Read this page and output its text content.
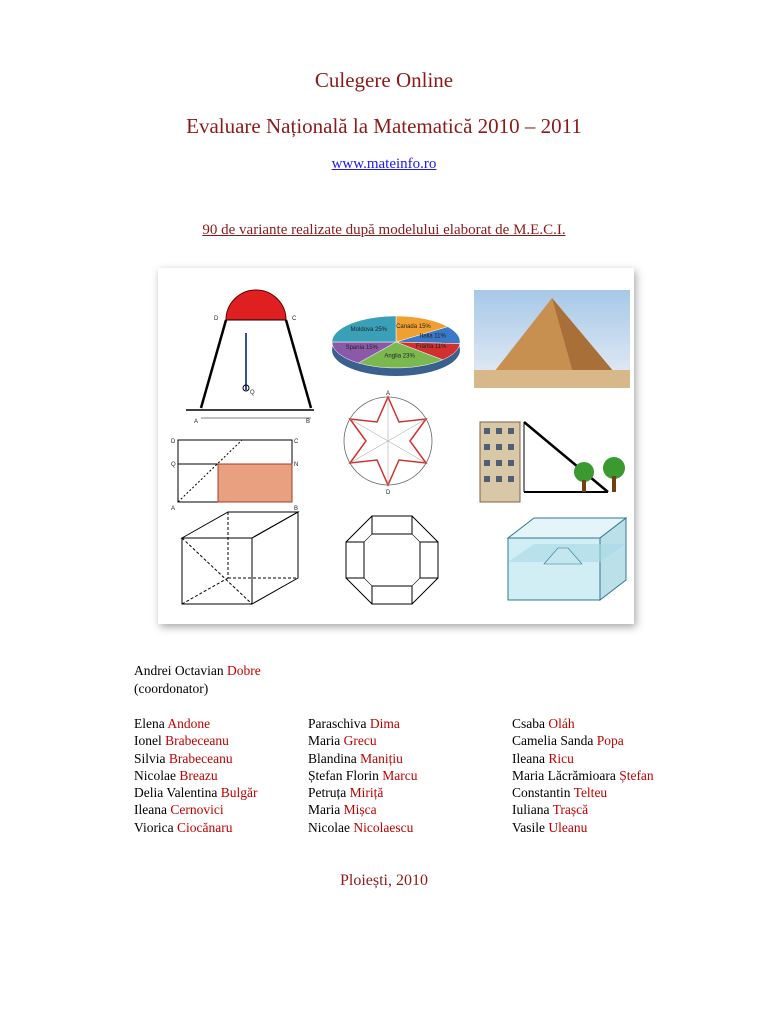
Culegere Online
Evaluare Națională la Matematică 2010 – 2011
www.mateinfo.ro
90 de variante realizate după modelului elaborat de M.E.C.I.
D	C
A	B
Q
Canada 15%
Italia 11%
Franta 11%
Anglia 23%
Spania 15%
Moldova 25%
D	C
Q	N
A	B
A
D
Andrei Octavian Dobre
(coordonator)
Elena Andone
Ionel Brabeceanu
Silvia Brabeceanu
Nicolae Breazu
Delia Valentina Bulgăr
Ileana Cernovici
Viorica Ciocănaru
Paraschiva Dima
Maria Grecu
Blandina Manițiu
Ștefan Florin Marcu
Petruța Miriță
Maria Mișca
Nicolae Nicolaescu
Csaba Oláh
Camelia Sanda Popa
Ileana Ricu
Maria Lăcrămioara Ștefan
Constantin Telteu
Iuliana Trașcă
Vasile Uleanu
Ploiești, 2010
